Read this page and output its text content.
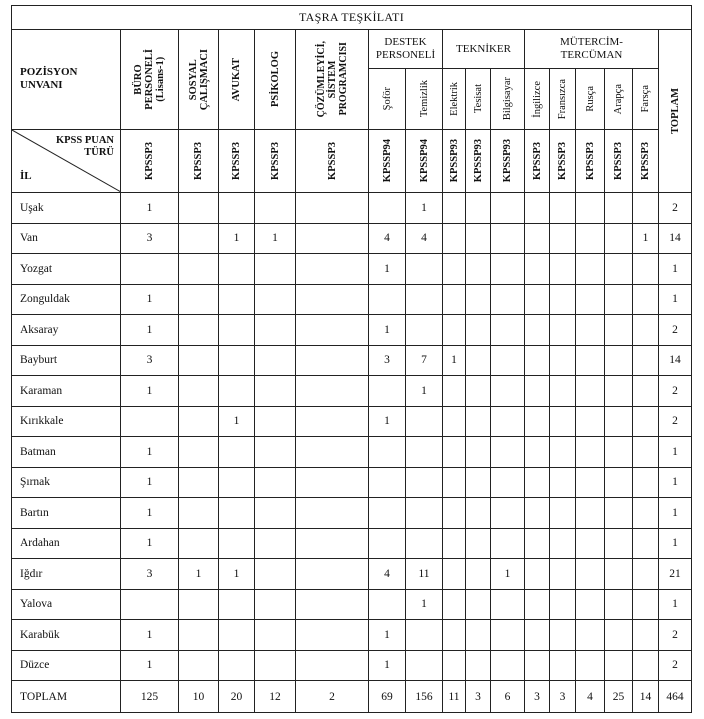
TAŞRA TEŞKİLATI																

POZİSYON
UNVANI	BÜRO
PERSONELİ
(Lisans-1)	SOSYAL
ÇALIŞMACI	AVUKAT	PSİKOLOG	ÇÖZÜMLEYİCİ,
SİSTEM
PROGRAMCISI	DESTEK
PERSONELİ		TEKNİKER			MÜTERCİM-
TERCÜMAN					TOPLAM

						Şoför	Temizlik	Elektrik	Tesisat	Bilgisayar	İngilizce	Fransızca	Rusça	Arapça	Farsça	

KPSS PUAN
TÜRÜ
İL	KPSSP3	KPSSP3	KPSSP3	KPSSP3	KPSSP3	KPSSP94	KPSSP94	KPSSP93	KPSSP93	KPSSP93	KPSSP3	KPSSP3	KPSSP3	KPSSP3	KPSSP3	

Uşak	1						1									2
Van	3		1	1		4	4								1	14
Yozgat						1										1
Zonguldak	1															1
Aksaray	1					1										2
Bayburt	3					3	7	1								14
Karaman	1						1									2
Kırıkkale			1			1										2
Batman	1															1
Şırnak	1															1
Bartın	1															1
Ardahan	1															1
Iğdır	3	1	1			4	11			1						21
Yalova							1									1
Karabük	1					1										2
Düzce	1					1										2
TOPLAM	125	10	20	12	2	69	156	11	3	6	3	3	4	25	14	464
